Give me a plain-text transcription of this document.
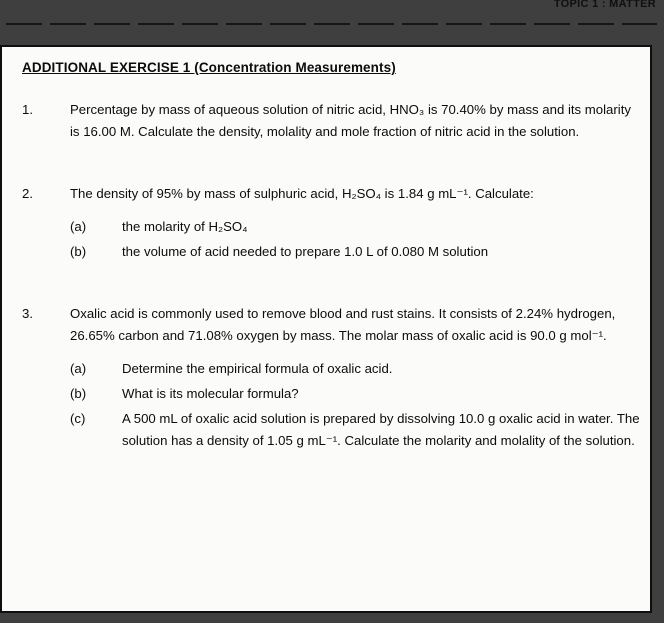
TOPIC 1 : MATTER
ADDITIONAL EXERCISE 1 (Concentration Measurements)
1.	Percentage by mass of aqueous solution of nitric acid, HNO₃ is 70.40% by mass and its molarity is 16.00 M. Calculate the density, molality and mole fraction of nitric acid in the solution.

2.	The density of 95% by mass of sulphuric acid, H₂SO₄ is 1.84 g mL⁻¹. Calculate:

(a)	the molarity of H₂SO₄

(b)	the volume of acid needed to prepare 1.0 L of 0.080 M solution

3.	Oxalic acid is commonly used to remove blood and rust stains. It consists of 2.24% hydrogen, 26.65% carbon and 71.08% oxygen by mass. The molar mass of oxalic acid is 90.0 g mol⁻¹.

(a)	Determine the empirical formula of oxalic acid.

(b)	What is its molecular formula?

(c)	A 500 mL of oxalic acid solution is prepared by dissolving 10.0 g oxalic acid in water. The solution has a density of 1.05 g mL⁻¹. Calculate the molarity and molality of the solution.
